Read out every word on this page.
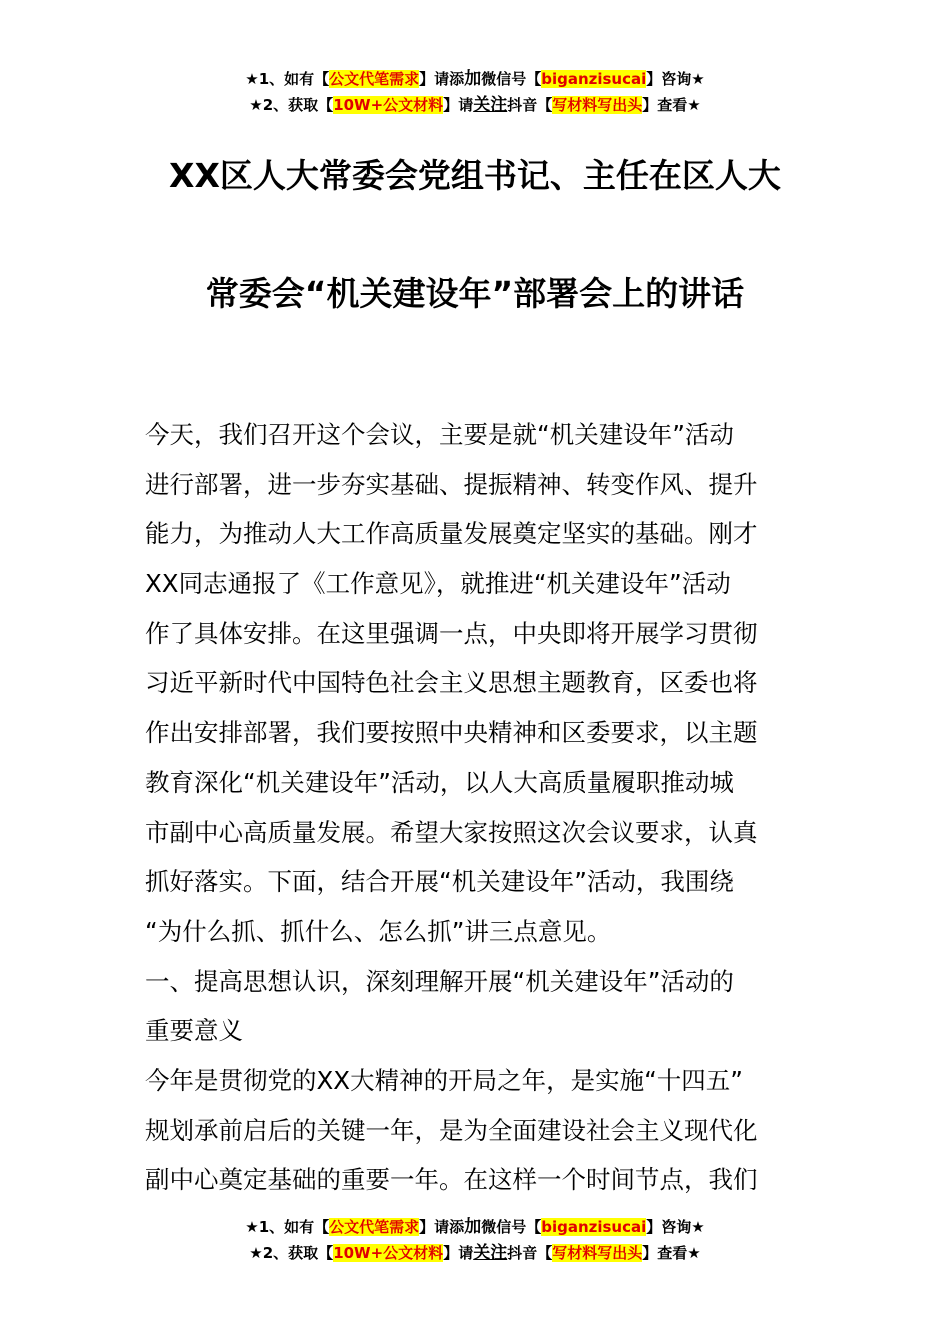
★1、如有【公文代笔需求】请添加微信号【biganzisucai】咨询★
★2、获取【10W+公文材料】请关注抖音【写材料写出头】查看★
XX区人大常委会党组书记、主任在区人大
常委会“机关建设年”部署会上的讲话
今天，我们召开这个会议，主要是就“机关建设年”活动
进行部署，进一步夯实基础、提振精神、转变作风、提升
能力，为推动人大工作高质量发展奠定坚实的基础。刚才
XX同志通报了《工作意见》，就推进“机关建设年”活动
作了具体安排。在这里强调一点，中央即将开展学习贯彻
习近平新时代中国特色社会主义思想主题教育，区委也将
作出安排部署，我们要按照中央精神和区委要求，以主题
教育深化“机关建设年”活动，以人大高质量履职推动城
市副中心高质量发展。希望大家按照这次会议要求，认真
抓好落实。下面，结合开展“机关建设年”活动，我围绕
“为什么抓、抓什么、怎么抓”讲三点意见。
一、提高思想认识，深刻理解开展“机关建设年”活动的
重要意义
今年是贯彻党的XX大精神的开局之年，是实施“十四五”
规划承前启后的关键一年，是为全面建设社会主义现代化
副中心奠定基础的重要一年。在这样一个时间节点，我们
★1、如有【公文代笔需求】请添加微信号【biganzisucai】咨询★
★2、获取【10W+公文材料】请关注抖音【写材料写出头】查看★
